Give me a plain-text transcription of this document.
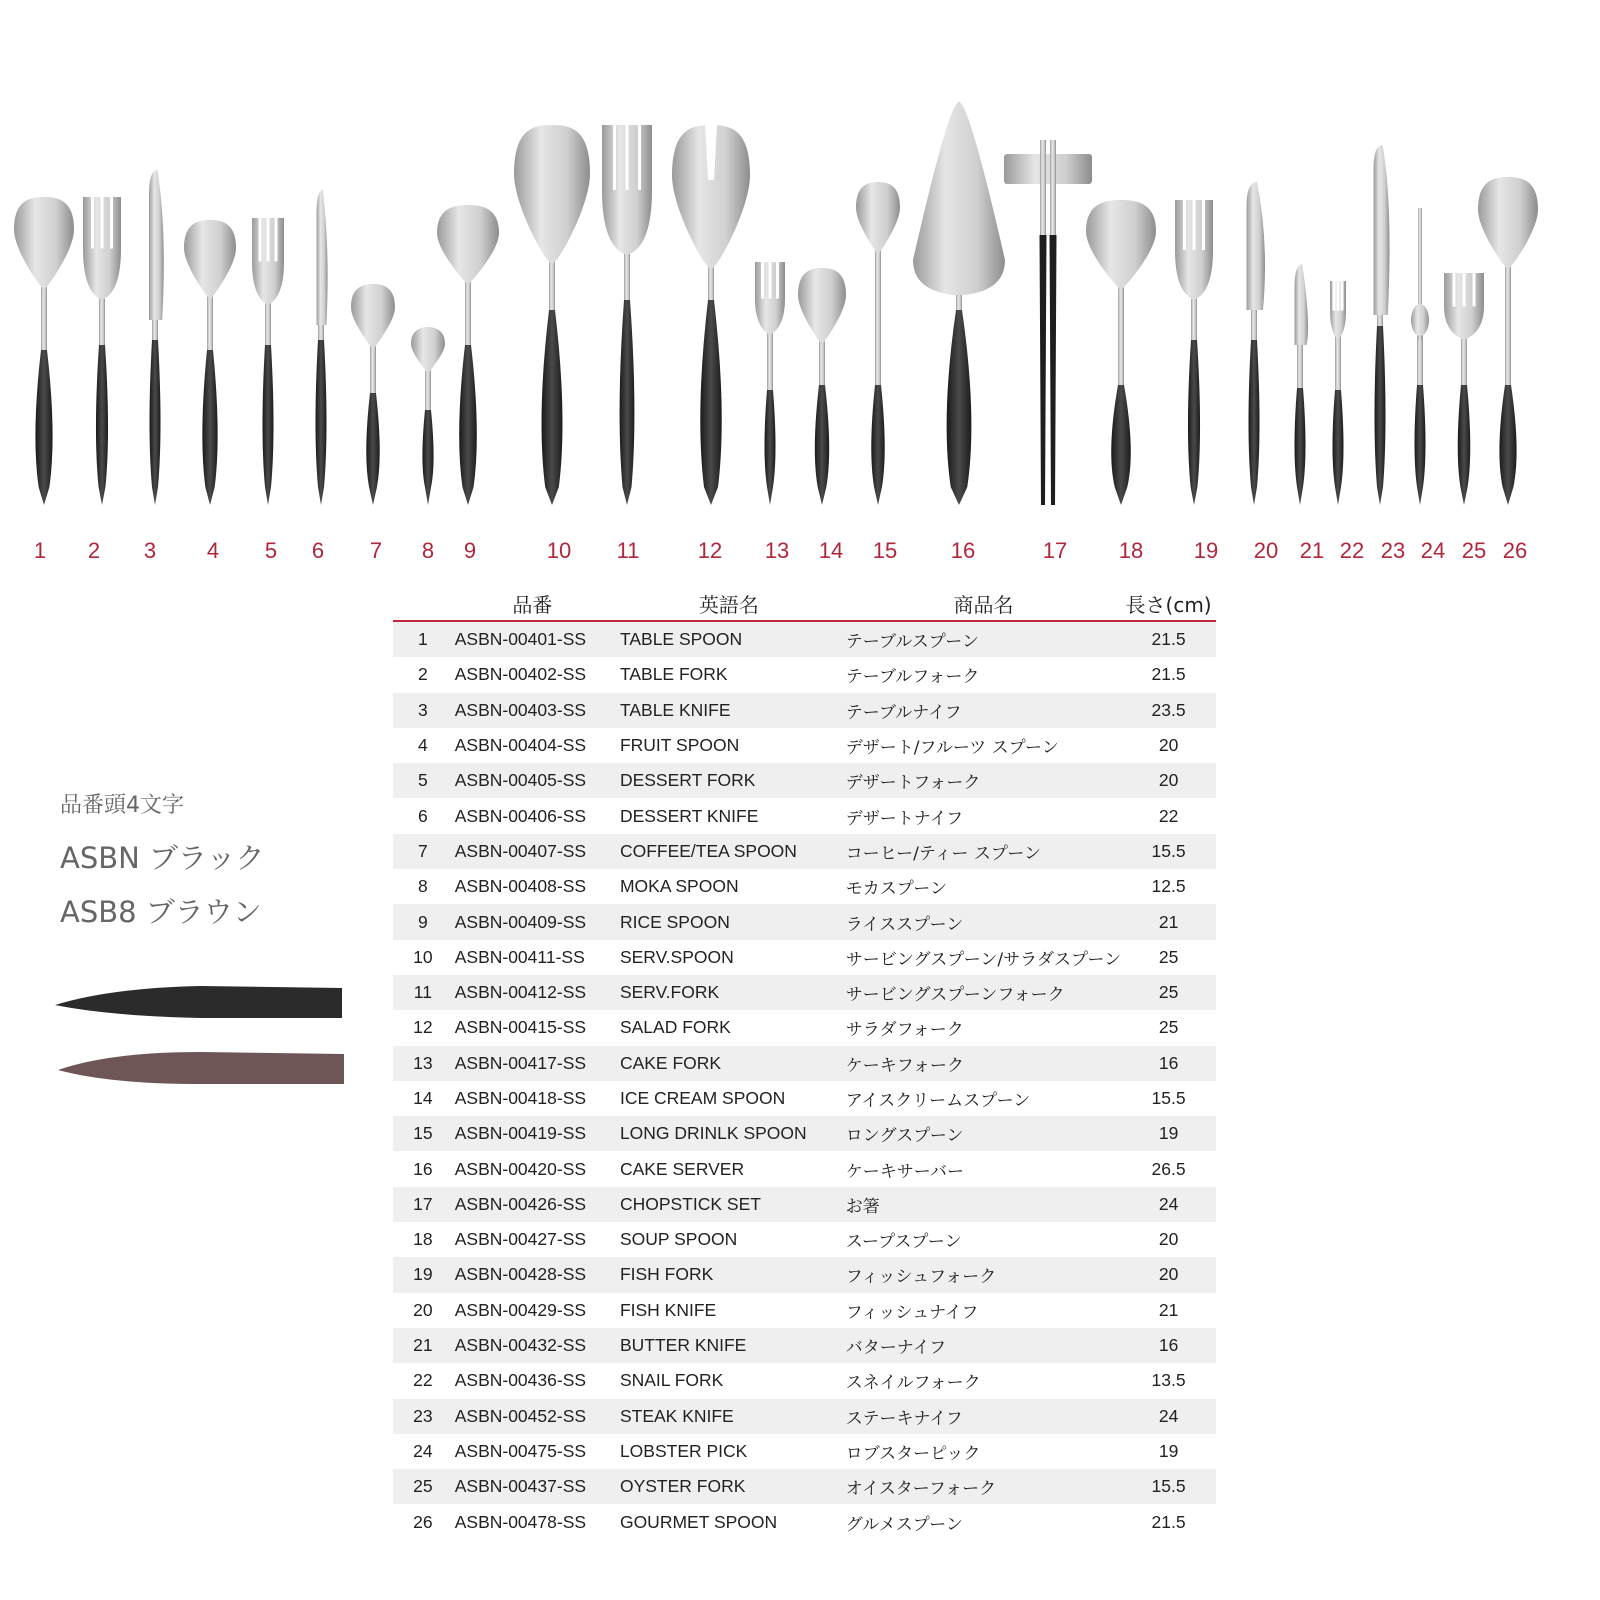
1	2	3	4	5	6	7	8	9	10	11	12	13	14	15	16	17	18	19	20 21 22 23 24 25 26
品番頭4文字
ASBN ブラック
ASB8 ブラウン
	品番	英語名	商品名	長さ(cm)
1	ASBN-00401-SS	TABLE SPOON	テーブルスプーン	21.5
2	ASBN-00402-SS	TABLE FORK	テーブルフォーク	21.5
3	ASBN-00403-SS	TABLE KNIFE	テーブルナイフ	23.5
4	ASBN-00404-SS	FRUIT SPOON	デザート/フルーツ スプーン	20
5	ASBN-00405-SS	DESSERT FORK	デザートフォーク	20
6	ASBN-00406-SS	DESSERT KNIFE	デザートナイフ	22
7	ASBN-00407-SS	COFFEE/TEA SPOON	コーヒー/ティー スプーン	15.5
8	ASBN-00408-SS	MOKA SPOON	モカスプーン	12.5
9	ASBN-00409-SS	RICE SPOON	ライススプーン	21
10	ASBN-00411-SS	SERV.SPOON	サービングスプーン/サラダスプーン	25
11	ASBN-00412-SS	SERV.FORK	サービングスプーンフォーク	25
12	ASBN-00415-SS	SALAD FORK	サラダフォーク	25
13	ASBN-00417-SS	CAKE FORK	ケーキフォーク	16
14	ASBN-00418-SS	ICE CREAM SPOON	アイスクリームスプーン	15.5
15	ASBN-00419-SS	LONG DRINLK SPOON	ロングスプーン	19
16	ASBN-00420-SS	CAKE SERVER	ケーキサーバー	26.5
17	ASBN-00426-SS	CHOPSTICK SET	お箸	24
18	ASBN-00427-SS	SOUP SPOON	スープスプーン	20
19	ASBN-00428-SS	FISH FORK	フィッシュフォーク	20
20	ASBN-00429-SS	FISH KNIFE	フィッシュナイフ	21
21	ASBN-00432-SS	BUTTER KNIFE	バターナイフ	16
22	ASBN-00436-SS	SNAIL FORK	スネイルフォーク	13.5
23	ASBN-00452-SS	STEAK KNIFE	ステーキナイフ	24
24	ASBN-00475-SS	LOBSTER PICK	ロブスターピック	19
25	ASBN-00437-SS	OYSTER FORK	オイスターフォーク	15.5
26	ASBN-00478-SS	GOURMET SPOON	グルメスプーン	21.5
